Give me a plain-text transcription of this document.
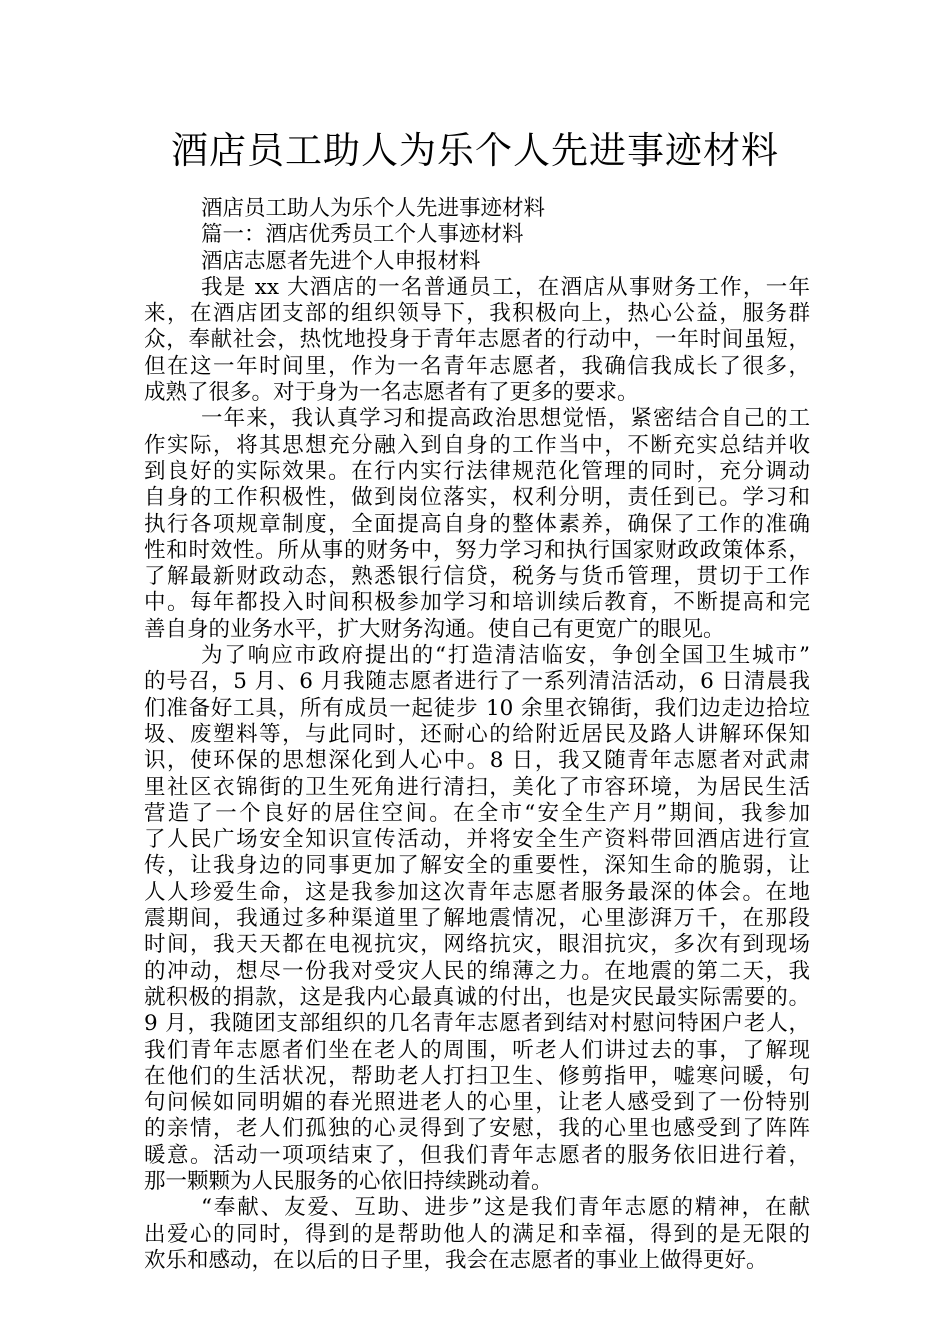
酒店员工助人为乐个人先进事迹材料
酒店员工助人为乐个人先进事迹材料
篇一：酒店优秀员工个人事迹材料
酒店志愿者先进个人申报材料
我是 xx 大酒店的一名普通员工，在酒店从事财务工作，一年
来，在酒店团支部的组织领导下，我积极向上，热心公益，服务群
众，奉献社会，热忱地投身于青年志愿者的行动中，一年时间虽短，
但在这一年时间里，作为一名青年志愿者，我确信我成长了很多，
成熟了很多。对于身为一名志愿者有了更多的要求。
一年来，我认真学习和提高政治思想觉悟，紧密结合自己的工
作实际，将其思想充分融入到自身的工作当中，不断充实总结并收
到良好的实际效果。在行内实行法律规范化管理的同时，充分调动
自身的工作积极性，做到岗位落实，权利分明，责任到已。学习和
执行各项规章制度，全面提高自身的整体素养，确保了工作的准确
性和时效性。所从事的财务中，努力学习和执行国家财政政策体系，
了解最新财政动态，熟悉银行信贷，税务与货币管理，贯切于工作
中。每年都投入时间积极参加学习和培训续后教育，不断提高和完
善自身的业务水平，扩大财务沟通。使自己有更宽广的眼见。
为了响应市政府提出的“打造清洁临安，争创全国卫生城市”
的号召，5 月、6 月我随志愿者进行了一系列清洁活动，6 日清晨我
们准备好工具，所有成员一起徒步 10 余里衣锦街，我们边走边拾垃
圾、废塑料等，与此同时，还耐心的给附近居民及路人讲解环保知
识，使环保的思想深化到人心中。8 日，我又随青年志愿者对武肃
里社区衣锦街的卫生死角进行清扫，美化了市容环境，为居民生活
营造了一个良好的居住空间。在全市“安全生产月”期间，我参加
了人民广场安全知识宣传活动，并将安全生产资料带回酒店进行宣
传，让我身边的同事更加了解安全的重要性，深知生命的脆弱，让
人人珍爱生命，这是我参加这次青年志愿者服务最深的体会。在地
震期间，我通过多种渠道里了解地震情况，心里澎湃万千，在那段
时间，我天天都在电视抗灾，网络抗灾，眼泪抗灾，多次有到现场
的冲动，想尽一份我对受灾人民的绵薄之力。在地震的第二天，我
就积极的捐款，这是我内心最真诚的付出，也是灾民最实际需要的。
9 月，我随团支部组织的几名青年志愿者到结对村慰问特困户老人，
我们青年志愿者们坐在老人的周围，听老人们讲过去的事，了解现
在他们的生活状况，帮助老人打扫卫生、修剪指甲，嘘寒问暖，句
句问候如同明媚的春光照进老人的心里，让老人感受到了一份特别
的亲情，老人们孤独的心灵得到了安慰，我的心里也感受到了阵阵
暖意。活动一项项结束了，但我们青年志愿者的服务依旧进行着，
那一颗颗为人民服务的心依旧持续跳动着。
“奉献、友爱、互助、进步”这是我们青年志愿的精神，在献
出爱心的同时，得到的是帮助他人的满足和幸福，得到的是无限的
欢乐和感动，在以后的日子里，我会在志愿者的事业上做得更好。
